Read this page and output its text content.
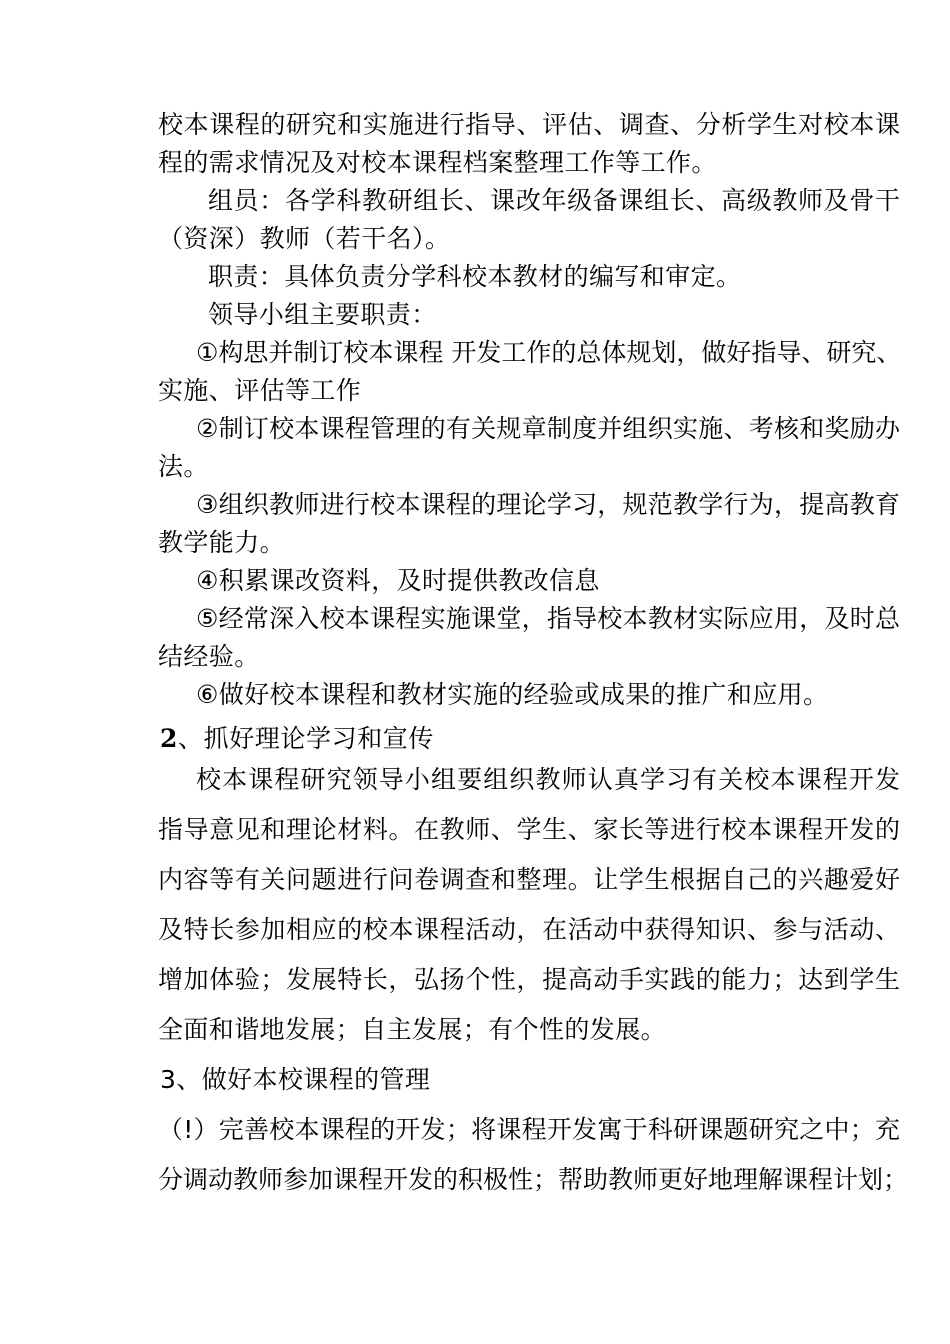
校本课程的研究和实施进行指导、评估、调查、分析学生对校本课
程的需求情况及对校本课程档案整理工作等工作。
组员：各学科教研组长、课改年级备课组长、高级教师及骨干
（资深）教师（若干名）。
职责：具体负责分学科校本教材的编写和审定。
领导小组主要职责：
①构思并制订校本课程 开发工作的总体规划，做好指导、研究、
实施、评估等工作
②制订校本课程管理的有关规章制度并组织实施、考核和奖励办
法。
③组织教师进行校本课程的理论学习，规范教学行为，提高教育
教学能力。
④积累课改资料，及时提供教改信息
⑤经常深入校本课程实施课堂，指导校本教材实际应用，及时总
结经验。
⑥做好校本课程和教材实施的经验或成果的推广和应用。
2、抓好理论学习和宣传
校本课程研究领导小组要组织教师认真学习有关校本课程开发
指导意见和理论材料。在教师、学生、家长等进行校本课程开发的
内容等有关问题进行问卷调查和整理。让学生根据自己的兴趣爱好
及特长参加相应的校本课程活动，在活动中获得知识、参与活动、
增加体验；发展特长，弘扬个性，提高动手实践的能力；达到学生
全面和谐地发展；自主发展；有个性的发展。
3、做好本校课程的管理
（!）完善校本课程的开发；将课程开发寓于科研课题研究之中；充
分调动教师参加课程开发的积极性；帮助教师更好地理解课程计划；
